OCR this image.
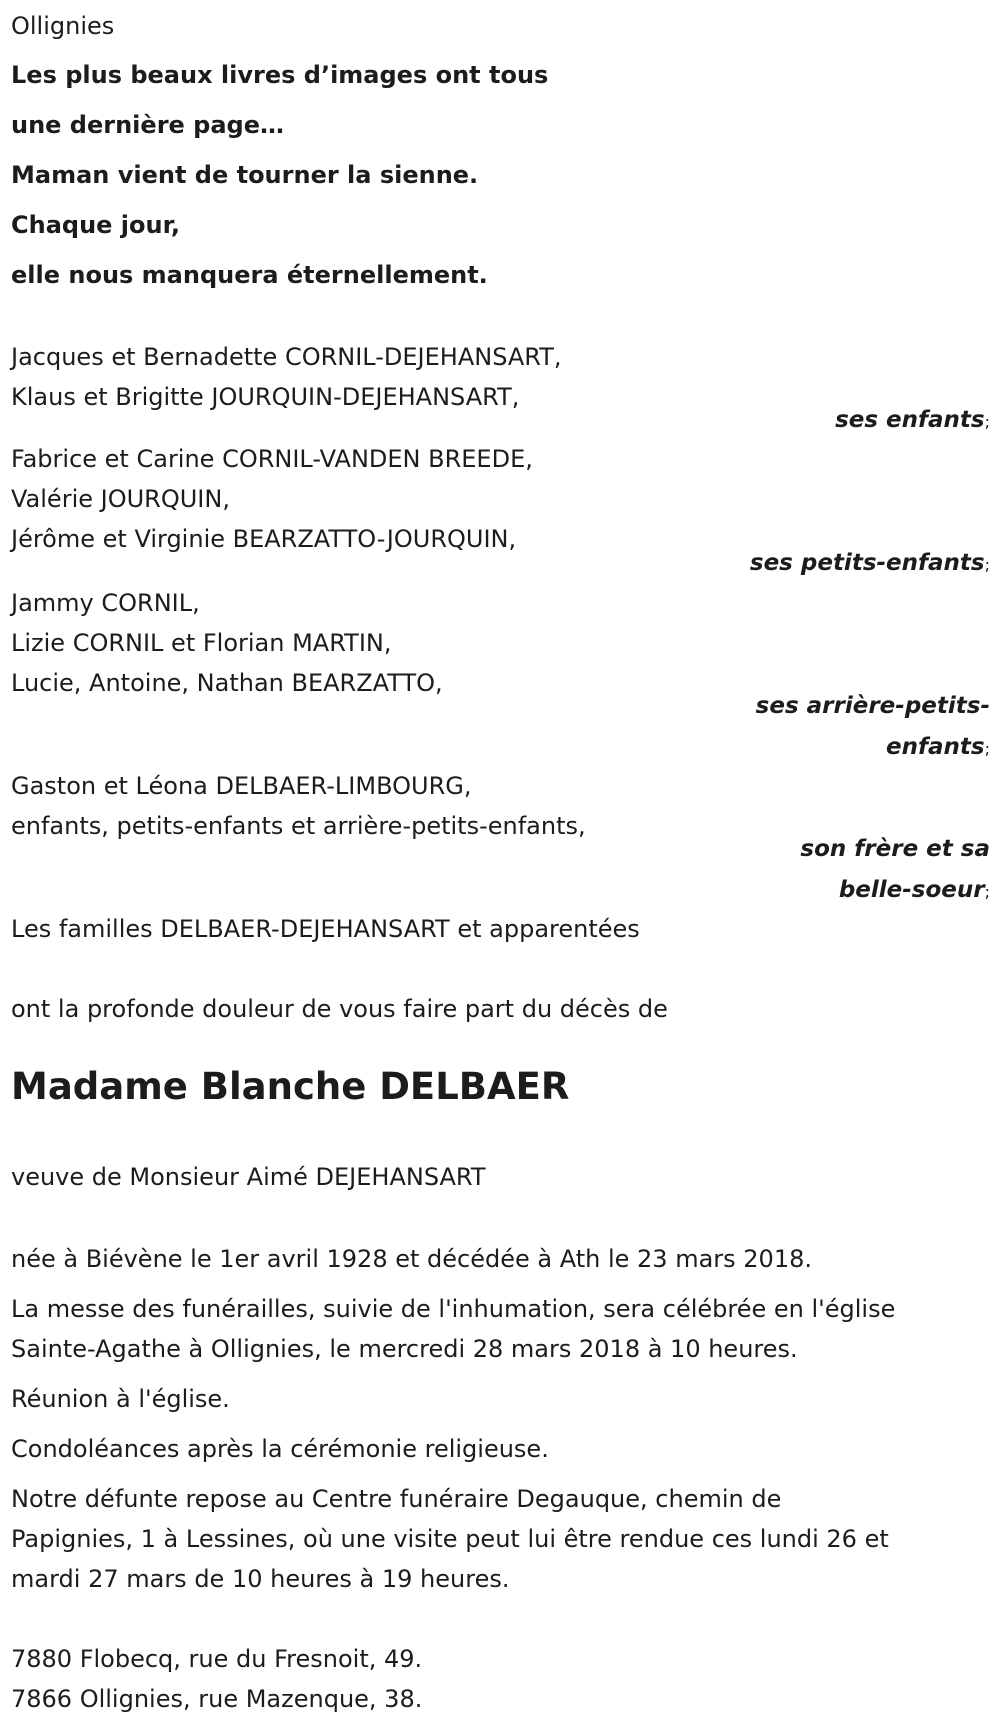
Ollignies
Les plus beaux livres d’images ont tous
une dernière page…
Maman vient de tourner la sienne.
Chaque jour,
elle nous manquera éternellement.
Jacques et Bernadette CORNIL-DEJEHANSART,
Klaus et Brigitte JOURQUIN-DEJEHANSART,
ses enfants;
Fabrice et Carine CORNIL-VANDEN BREEDE,
Valérie JOURQUIN,
Jérôme et Virginie BEARZATTO-JOURQUIN,
ses petits-enfants;
Jammy CORNIL,
Lizie CORNIL et Florian MARTIN,
Lucie, Antoine, Nathan BEARZATTO,
ses arrière-petits-
enfants;
Gaston et Léona DELBAER-LIMBOURG,
enfants, petits-enfants et arrière-petits-enfants,
son frère et sa
belle-soeur;
Les familles DELBAER-DEJEHANSART et apparentées
ont la profonde douleur de vous faire part du décès de
Madame Blanche DELBAER
veuve de Monsieur Aimé DEJEHANSART
née à Biévène le 1er avril 1928 et décédée à Ath le 23 mars 2018.
La messe des funérailles, suivie de l'inhumation, sera célébrée en l'église
Sainte-Agathe à Ollignies, le mercredi 28 mars 2018 à 10 heures.
Réunion à l'église.
Condoléances après la cérémonie religieuse.
Notre défunte repose au Centre funéraire Degauque, chemin de
Papignies, 1 à Lessines, où une visite peut lui être rendue ces lundi 26 et
mardi 27 mars de 10 heures à 19 heures.
7880 Flobecq, rue du Fresnoit, 49.
7866 Ollignies, rue Mazenque, 38.
